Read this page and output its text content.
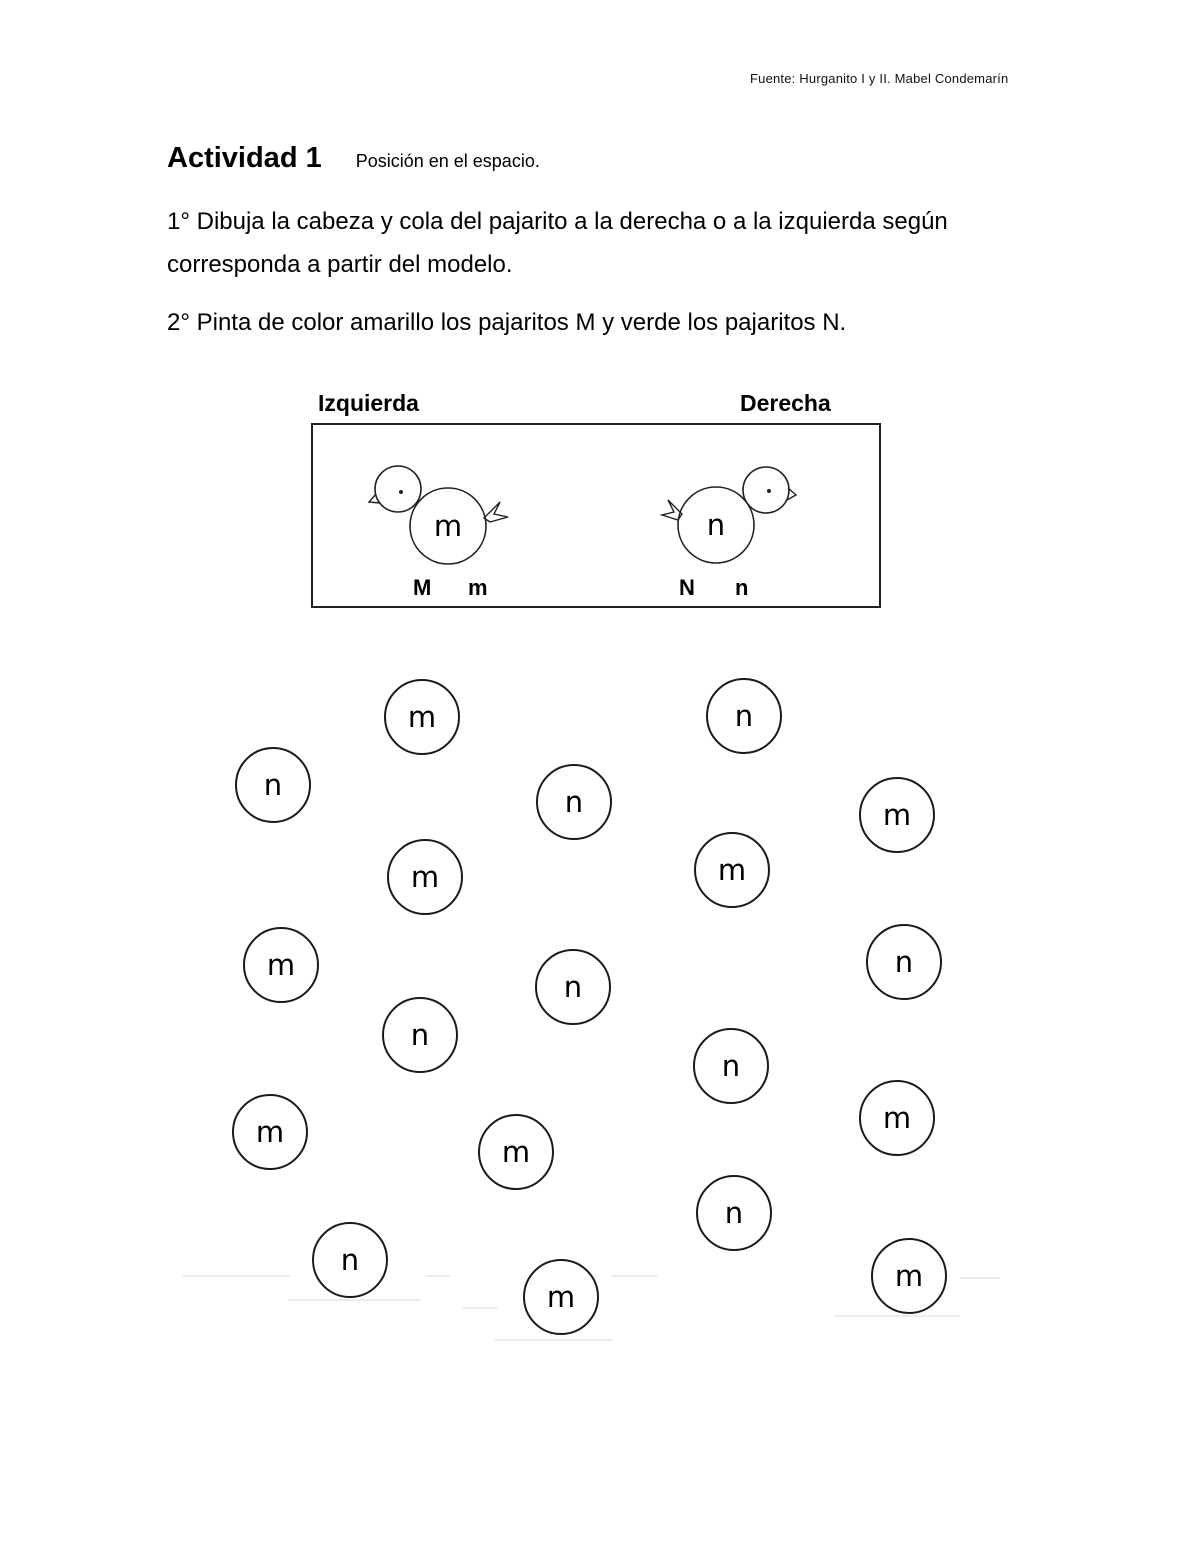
Fuente: Hurganito I y II. Mabel Condemarín
Actividad 1 Posición en el espacio.
1° Dibuja la cabeza y cola del pajarito a la derecha o a la izquierda según corresponda a partir del modelo.
2° Pinta de color amarillo los pajaritos M y verde los pajaritos N.
Izquierda	Derecha
m	n
M m	N n
m
n
n
n	m
m	m
m
m
n
n
n
n
m
m
m
n
n
m
